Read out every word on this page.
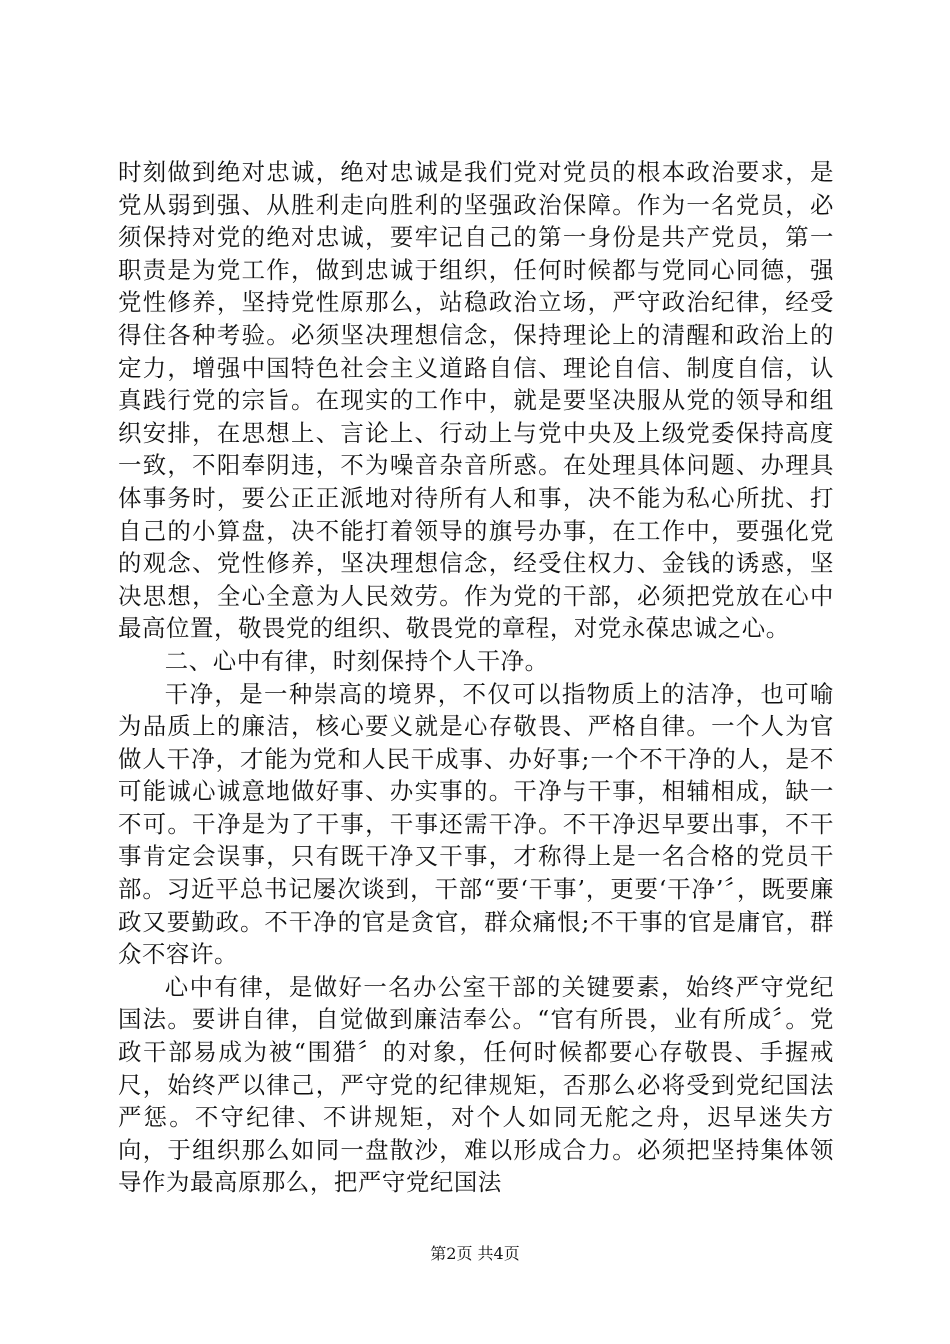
时刻做到绝对忠诚，绝对忠诚是我们党对党员的根本政治要求，是党从弱到强、从胜利走向胜利的坚强政治保障。作为一名党员，必须保持对党的绝对忠诚，要牢记自己的第一身份是共产党员，第一职责是为党工作，做到忠诚于组织，任何时候都与党同心同德，强党性修养，坚持党性原那么，站稳政治立场，严守政治纪律，经受得住各种考验。必须坚决理想信念，保持理论上的清醒和政治上的定力，增强中国特色社会主义道路自信、理论自信、制度自信，认真践行党的宗旨。在现实的工作中，就是要坚决服从党的领导和组织安排，在思想上、言论上、行动上与党中央及上级党委保持高度一致，不阳奉阴违，不为噪音杂音所惑。在处理具体问题、办理具体事务时，要公正正派地对待所有人和事，决不能为私心所扰、打自己的小算盘，决不能打着领导的旗号办事，在工作中，要强化党的观念、党性修养，坚决理想信念，经受住权力、金钱的诱惑，坚决思想，全心全意为人民效劳。作为党的干部，必须把党放在心中最高位置，敬畏党的组织、敬畏党的章程，对党永葆忠诚之心。

二、心中有律，时刻保持个人干净。

干净，是一种崇高的境界，不仅可以指物质上的洁净，也可喻为品质上的廉洁，核心要义就是心存敬畏、严格自律。一个人为官做人干净，才能为党和人民干成事、办好事;一个不干净的人，是不可能诚心诚意地做好事、办实事的。干净与干事，相辅相成，缺一不可。干净是为了干事，干事还需干净。不干净迟早要出事，不干事肯定会误事，只有既干净又干事，才称得上是一名合格的党员干部。习近平总书记屡次谈到，干部“要‘干事’，更要‘干净’〞，既要廉政又要勤政。不干净的官是贪官，群众痛恨;不干事的官是庸官，群众不容许。

心中有律，是做好一名办公室干部的关键要素，始终严守党纪国法。要讲自律，自觉做到廉洁奉公。“官有所畏，业有所成〞。党政干部易成为被“围猎〞的对象，任何时候都要心存敬畏、手握戒尺，始终严以律己，严守党的纪律规矩，否那么必将受到党纪国法严惩。不守纪律、不讲规矩，对个人如同无舵之舟，迟早迷失方向，于组织那么如同一盘散沙，难以形成合力。必须把坚持集体领导作为最高原那么，把严守党纪国法

第2页 共4页
